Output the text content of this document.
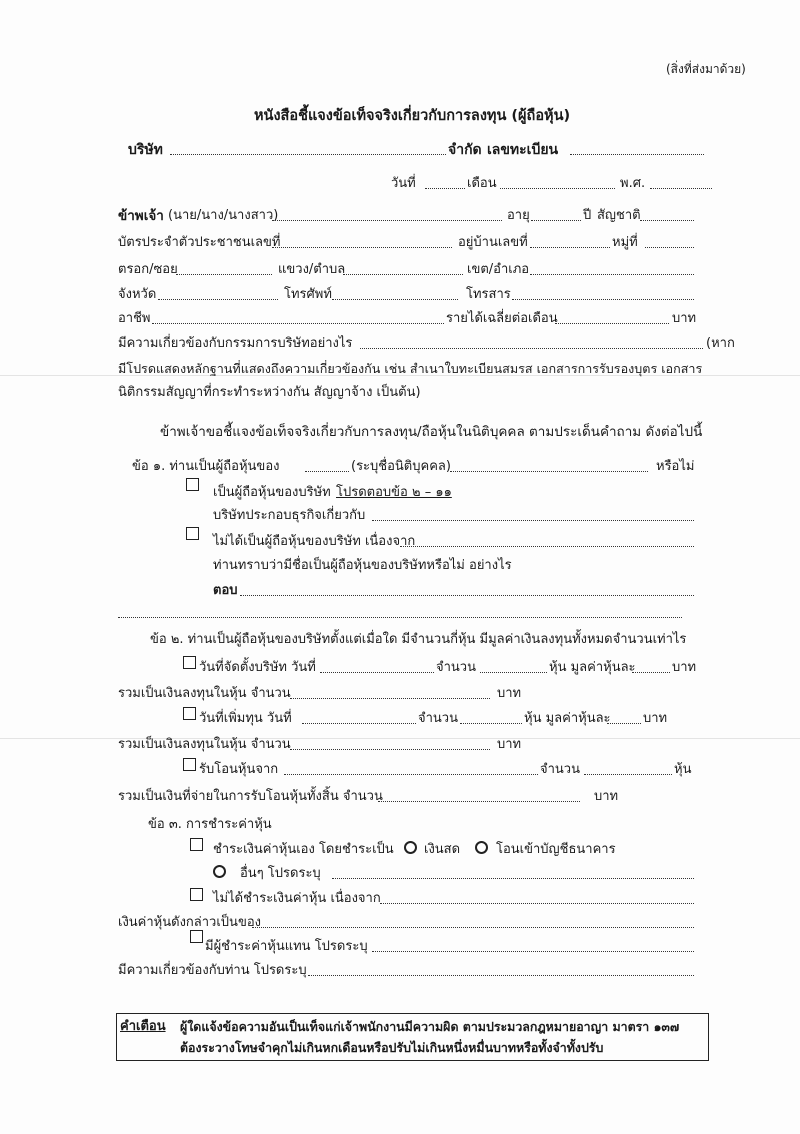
(สิ่งที่ส่งมาด้วย)
หนังสือชี้แจงข้อเท็จจริงเกี่ยวกับการลงทุน (ผู้ถือหุ้น)
บริษัท	จำกัด เลขทะเบียน
วันที่	เดือน	พ.ศ.
ข้าพเจ้า (นาย/นาง/นางสาว)	อายุ	ปี สัญชาติ
บัตรประจำตัวประชาชนเลขที่	อยู่บ้านเลขที่	หมู่ที่
ตรอก/ซอย	แขวง/ตำบล	เขต/อำเภอ
จังหวัด	โทรศัพท์	โทรสาร
อาชีพ	รายได้เฉลี่ยต่อเดือน	บาท
มีความเกี่ยวข้องกับกรรมการบริษัทอย่างไร	(หาก
มีโปรดแสดงหลักฐานที่แสดงถึงความเกี่ยวข้องกัน เช่น สำเนาใบทะเบียนสมรส เอกสารการรับรองบุตร เอกสาร
นิติกรรมสัญญาที่กระทำระหว่างกัน สัญญาจ้าง เป็นต้น)
ข้าพเจ้าขอชี้แจงข้อเท็จจริงเกี่ยวกับการลงทุน/ถือหุ้นในนิติบุคคล ตามประเด็นคำถาม ดังต่อไปนี้
ข้อ ๑. ท่านเป็นผู้ถือหุ้นของ	(ระบุชื่อนิติบุคคล)	หรือไม่
เป็นผู้ถือหุ้นของบริษัท โปรดตอบข้อ ๒ – ๑๑
บริษัทประกอบธุรกิจเกี่ยวกับ
ไม่ได้เป็นผู้ถือหุ้นของบริษัท เนื่องจาก
ท่านทราบว่ามีชื่อเป็นผู้ถือหุ้นของบริษัทหรือไม่ อย่างไร
ตอบ
ข้อ ๒. ท่านเป็นผู้ถือหุ้นของบริษัทตั้งแต่เมื่อใด มีจำนวนกี่หุ้น มีมูลค่าเงินลงทุนทั้งหมดจำนวนเท่าไร
วันที่จัดตั้งบริษัท วันที่	จำนวน	หุ้น มูลค่าหุ้นละ	บาท
รวมเป็นเงินลงทุนในหุ้น จำนวน	บาท
วันที่เพิ่มทุน วันที่	จำนวน	หุ้น มูลค่าหุ้นละ บาท
รวมเป็นเงินลงทุนในหุ้น จำนวน	บาท
รับโอนหุ้นจาก	จำนวน	หุ้น
รวมเป็นเงินที่จ่ายในการรับโอนหุ้นทั้งสิ้น จำนวน	บาท
ข้อ ๓. การชำระค่าหุ้น
ชำระเงินค่าหุ้นเอง โดยชำระเป็น เงินสด	โอนเข้าบัญชีธนาคาร
อื่นๆ โปรดระบุ
ไม่ได้ชำระเงินค่าหุ้น เนื่องจาก
เงินค่าหุ้นดังกล่าวเป็นของ
มีผู้ชำระค่าหุ้นแทน โปรดระบุ
มีความเกี่ยวข้องกับท่าน โปรดระบุ
คำเตือน ผู้ใดแจ้งข้อความอันเป็นเท็จแก่เจ้าพนักงานมีความผิด ตามประมวลกฎหมายอาญา มาตรา ๑๓๗
ต้องระวางโทษจำคุกไม่เกินหกเดือนหรือปรับไม่เกินหนึ่งหมื่นบาทหรือทั้งจำทั้งปรับ
